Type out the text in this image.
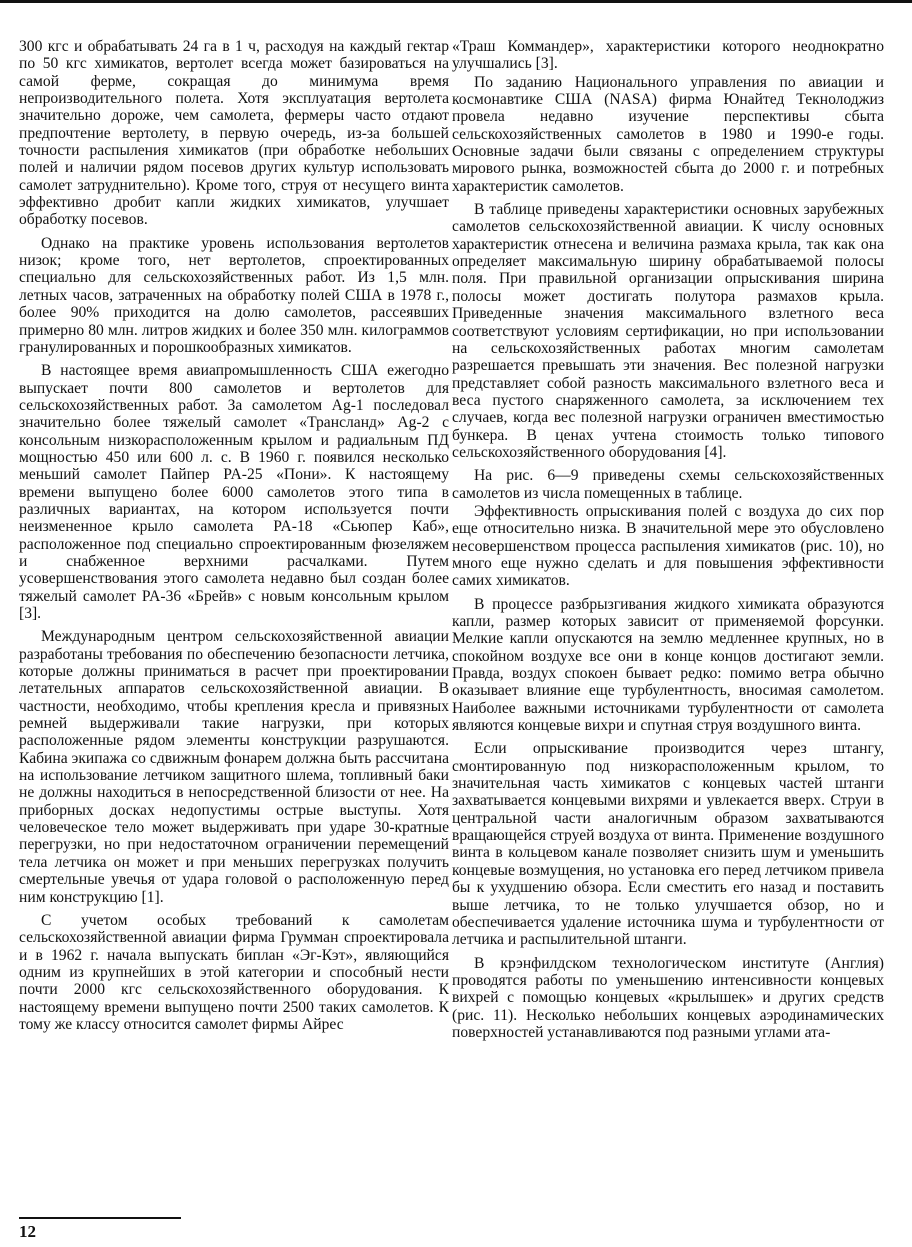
300 кгс и обрабатывать 24 га в 1 ч, расходуя на каждый гектар по 50 кгс химикатов, вертолет всегда может базироваться на самой ферме, сокращая до минимума время непроизводительного полета. Хотя эксплуатация вертолета значительно дороже, чем самолета, фермеры часто отдают предпочтение вертолету, в первую очередь, из-за большей точности распыления химикатов (при обработке небольших полей и наличии рядом посевов других культур использовать самолет затруднительно). Кроме того, струя от несущего винта эффективно дробит капли жидких химикатов, улучшает обработку посевов.

Однако на практике уровень использования вертолетов низок; кроме того, нет вертолетов, спроектированных специально для сельскохозяйственных работ. Из 1,5 млн. летных часов, затраченных на обработку полей США в 1978 г., более 90% приходится на долю самолетов, рассеявших примерно 80 млн. литров жидких и более 350 млн. килограммов гранулированных и порошкообразных химикатов.

В настоящее время авиапромышленность США ежегодно выпускает почти 800 самолетов и вертолетов для сельскохозяйственных работ. За самолетом Ag-1 последовал значительно более тяжелый самолет «Трансланд» Ag-2 с консольным низкорасположенным крылом и радиальным ПД мощностью 450 или 600 л. с. В 1960 г. появился несколько меньший самолет Пайпер PA-25 «Пони». К настоящему времени выпущено более 6000 самолетов этого типа в различных вариантах, на котором используется почти неизмененное крыло самолета PA-18 «Сьюпер Каб», расположенное под специально спроектированным фюзеляжем и снабженное верхними расчалками. Путем усовершенствования этого самолета недавно был создан более тяжелый самолет PA-36 «Брейв» с новым консольным крылом [3].

Международным центром сельскохозяйственной авиации разработаны требования по обеспечению безопасности летчика, которые должны приниматься в расчет при проектировании летательных аппаратов сельскохозяйственной авиации. В частности, необходимо, чтобы крепления кресла и привязных ремней выдерживали такие нагрузки, при которых расположенные рядом элементы конструкции разрушаются. Кабина экипажа со сдвижным фонарем должна быть рассчитана на использование летчиком защитного шлема, топливный баки не должны находиться в непосредственной близости от нее. На приборных досках недопустимы острые выступы. Хотя человеческое тело может выдерживать при ударе 30-кратные перегрузки, но при недостаточном ограничении перемещений тела летчика он может и при меньших перегрузках получить смертельные увечья от удара головой о расположенную перед ним конструкцию [1].

С учетом особых требований к самолетам сельскохозяйственной авиации фирма Грумман спроектировала и в 1962 г. начала выпускать биплан «Эг-Кэт», являющийся одним из крупнейших в этой категории и способный нести почти 2000 кгс сельскохозяйственного оборудования. К настоящему времени выпущено почти 2500 таких самолетов. К тому же классу относится самолет фирмы Айрес

«Траш Коммандер», характеристики которого неоднократно улучшались [3].

По заданию Национального управления по авиации и космонавтике США (NASA) фирма Юнайтед Текнолоджиз провела недавно изучение перспективы сбыта сельскохозяйственных самолетов в 1980 и 1990-е годы. Основные задачи были связаны с определением структуры мирового рынка, возможностей сбыта до 2000 г. и потребных характеристик самолетов.

В таблице приведены характеристики основных зарубежных самолетов сельскохозяйственной авиации. К числу основных характеристик отнесена и величина размаха крыла, так как она определяет максимальную ширину обрабатываемой полосы поля. При правильной организации опрыскивания ширина полосы может достигать полутора размахов крыла. Приведенные значения максимального взлетного веса соответствуют условиям сертификации, но при использовании на сельскохозяйственных работах многим самолетам разрешается превышать эти значения. Вес полезной нагрузки представляет собой разность максимального взлетного веса и веса пустого снаряженного самолета, за исключением тех случаев, когда вес полезной нагрузки ограничен вместимостью бункера. В ценах учтена стоимость только типового сельскохозяйственного оборудования [4].

На рис. 6—9 приведены схемы сельскохозяйственных самолетов из числа помещенных в таблице.

Эффективность опрыскивания полей с воздуха до сих пор еще относительно низка. В значительной мере это обусловлено несовершенством процесса распыления химикатов (рис. 10), но много еще нужно сделать и для повышения эффективности самих химикатов.

В процессе разбрызгивания жидкого химиката образуются капли, размер которых зависит от применяемой форсунки. Мелкие капли опускаются на землю медленнее крупных, но в спокойном воздухе все они в конце концов достигают земли. Правда, воздух спокоен бывает редко: помимо ветра обычно оказывает влияние еще турбулентность, вносимая самолетом. Наиболее важными источниками турбулентности от самолета являются концевые вихри и спутная струя воздушного винта.

Если опрыскивание производится через штангу, смонтированную под низкорасположенным крылом, то значительная часть химикатов с концевых частей штанги захватывается концевыми вихрями и увлекается вверх. Струи в центральной части аналогичным образом захватываются вращающейся струей воздуха от винта. Применение воздушного винта в кольцевом канале позволяет снизить шум и уменьшить концевые возмущения, но установка его перед летчиком привела бы к ухудшению обзора. Если сместить его назад и поставить выше летчика, то не только улучшается обзор, но и обеспечивается удаление источника шума и турбулентности от летчика и распылительной штанги.

В крэнфилдском технологическом институте (Англия) проводятся работы по уменьшению интенсивности концевых вихрей с помощью концевых «крылышек» и других средств (рис. 11). Несколько небольших концевых аэродинамических поверхностей устанавливаются под разными углами ата-

12
